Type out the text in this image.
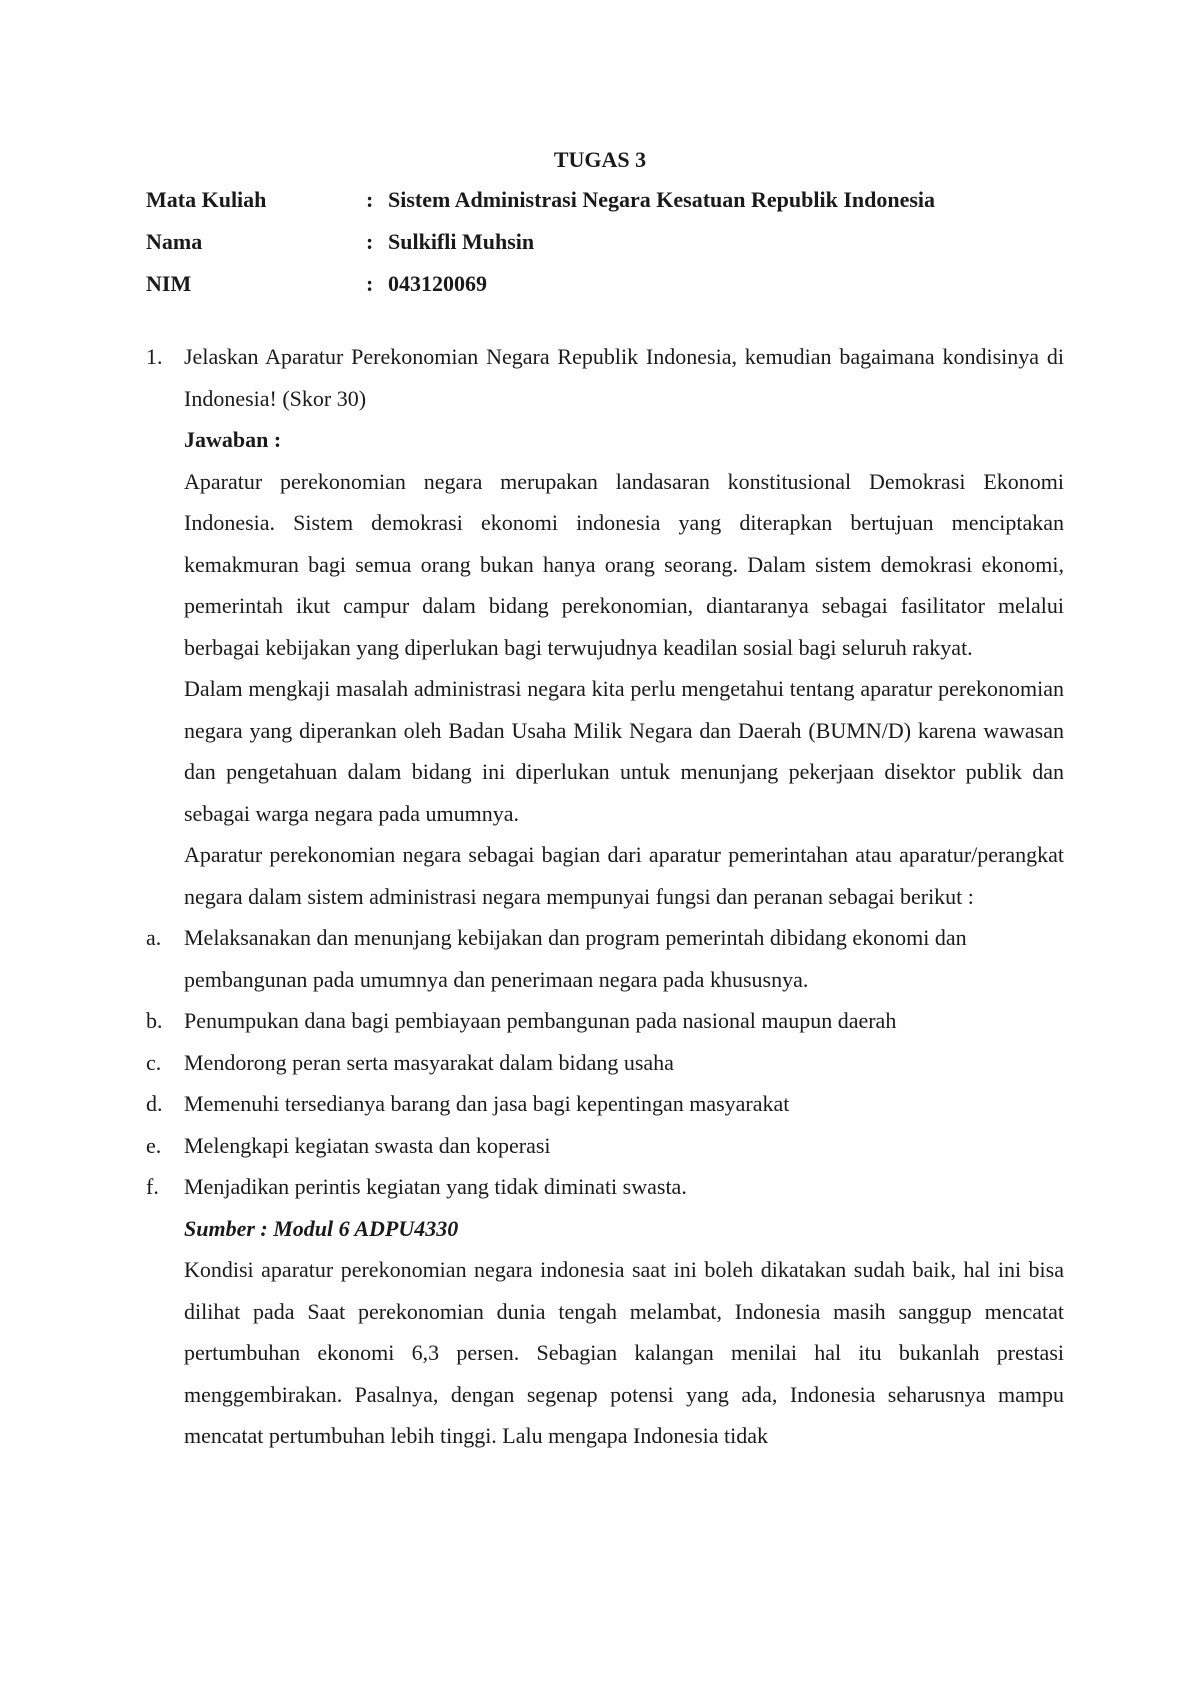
TUGAS 3
Mata Kuliah	: Sistem Administrasi Negara Kesatuan Republik Indonesia
Nama	: Sulkifli Muhsin
NIM	: 043120069
1. Jelaskan Aparatur Perekonomian Negara Republik Indonesia, kemudian bagaimana kondisinya di Indonesia! (Skor 30)

Jawaban :

Aparatur perekonomian negara merupakan landasaran konstitusional Demokrasi Ekonomi Indonesia. Sistem demokrasi ekonomi indonesia yang diterapkan bertujuan menciptakan kemakmuran bagi semua orang bukan hanya orang seorang. Dalam sistem demokrasi ekonomi, pemerintah ikut campur dalam bidang perekonomian, diantaranya sebagai fasilitator melalui berbagai kebijakan yang diperlukan bagi terwujudnya keadilan sosial bagi seluruh rakyat.

Dalam mengkaji masalah administrasi negara kita perlu mengetahui tentang aparatur perekonomian negara yang diperankan oleh Badan Usaha Milik Negara dan Daerah (BUMN/D) karena wawasan dan pengetahuan dalam bidang ini diperlukan untuk menunjang pekerjaan disektor publik dan sebagai warga negara pada umumnya.

Aparatur perekonomian negara sebagai bagian dari aparatur pemerintahan atau aparatur/perangkat negara dalam sistem administrasi negara mempunyai fungsi dan peranan sebagai berikut :

a.	Melaksanakan dan menunjang kebijakan dan program pemerintah dibidang ekonomi dan pembangunan pada umumnya dan penerimaan negara pada khususnya.
b. Penumpukan dana bagi pembiayaan pembangunan pada nasional maupun daerah
c.	Mendorong peran serta masyarakat dalam bidang usaha
d. Memenuhi tersedianya barang dan jasa bagi kepentingan masyarakat
e.	Melengkapi kegiatan swasta dan koperasi
f.	Menjadikan perintis kegiatan yang tidak diminati swasta.

Sumber : Modul 6 ADPU4330

Kondisi aparatur perekonomian negara indonesia saat ini boleh dikatakan sudah baik, hal ini bisa dilihat pada Saat perekonomian dunia tengah melambat, Indonesia masih sanggup mencatat pertumbuhan ekonomi 6,3 persen. Sebagian kalangan menilai hal itu bukanlah prestasi menggembirakan. Pasalnya, dengan segenap potensi yang ada, Indonesia seharusnya mampu mencatat pertumbuhan lebih tinggi. Lalu mengapa Indonesia tidak
